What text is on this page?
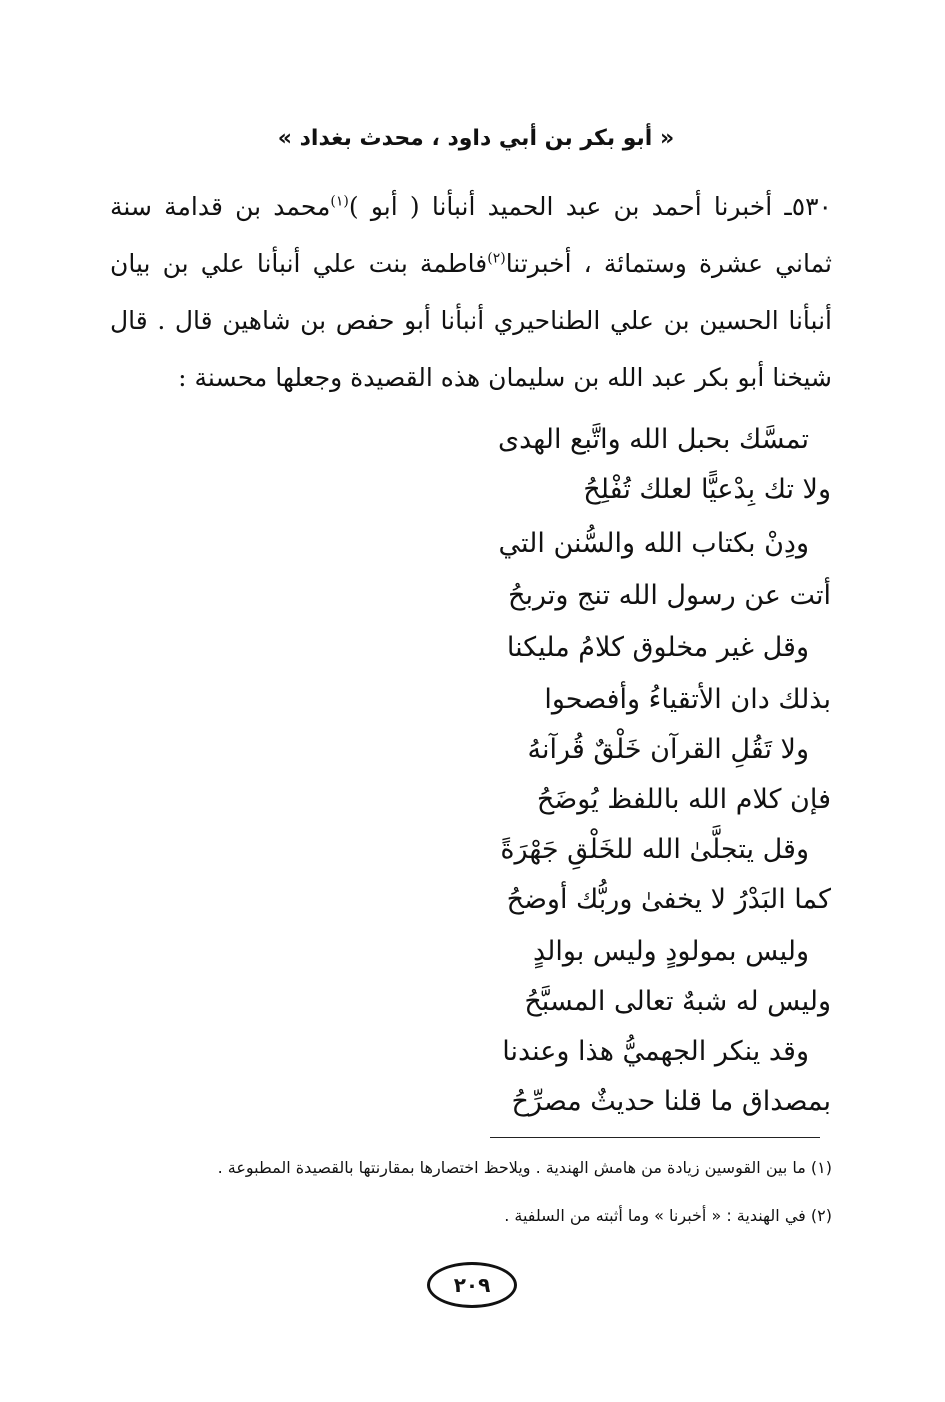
« أبو بكر بن أبي داود ، محدث بغداد »
٥٣٠ـ أخبرنا أحمد بن عبد الحميد أنبأنا ( أبو )$^{(١)}$محمد بن قدامة سنة ثماني عشرة وستمائة ، أخبرتنا$^{(٢)}$فاطمة بنت علي أنبأنا علي بن بيان أنبأنا الحسين بن علي الطناحيري أنبأنا أبو حفص بن شاهين قال . قال شيخنا أبو بكر عبد الله بن سليمان هذه القصيدة وجعلها محسنة :
تمسَّك بحبل الله واتَّبع الهدى
ولا تك بِدْعيًّا لعلك تُفْلِحُ
ودِنْ بكتاب الله والسُّنن التي
أتت عن رسول الله تنج وتربحُ
وقل غير مخلوق كلامُ مليكنا
بذلك دان الأتقياءُ وأفصحوا
ولا تَقُلِ القرآن خَلْقٌ قُرآنهُ
فإن كلام الله باللفظ يُوضَحُ
وقل يتجلَّىٰ الله للخَلْقِ جَهْرَةً
كما البَدْرُ لا يخفىٰ وربُّك أوضحُ
وليس بمولودٍ وليس بوالدٍ
وليس له شبهٌ تعالى المسبَّحُ
وقد ينكر الجهميُّ هذا وعندنا
بمصداق ما قلنا حديثٌ مصرِّحُ
(١) ما بين القوسين زيادة من هامش الهندية . ويلاحظ اختصارها بمقارنتها بالقصيدة المطبوعة .
(٢) في الهندية : « أخبرنا » وما أثبته من السلفية .
٢٠٩
